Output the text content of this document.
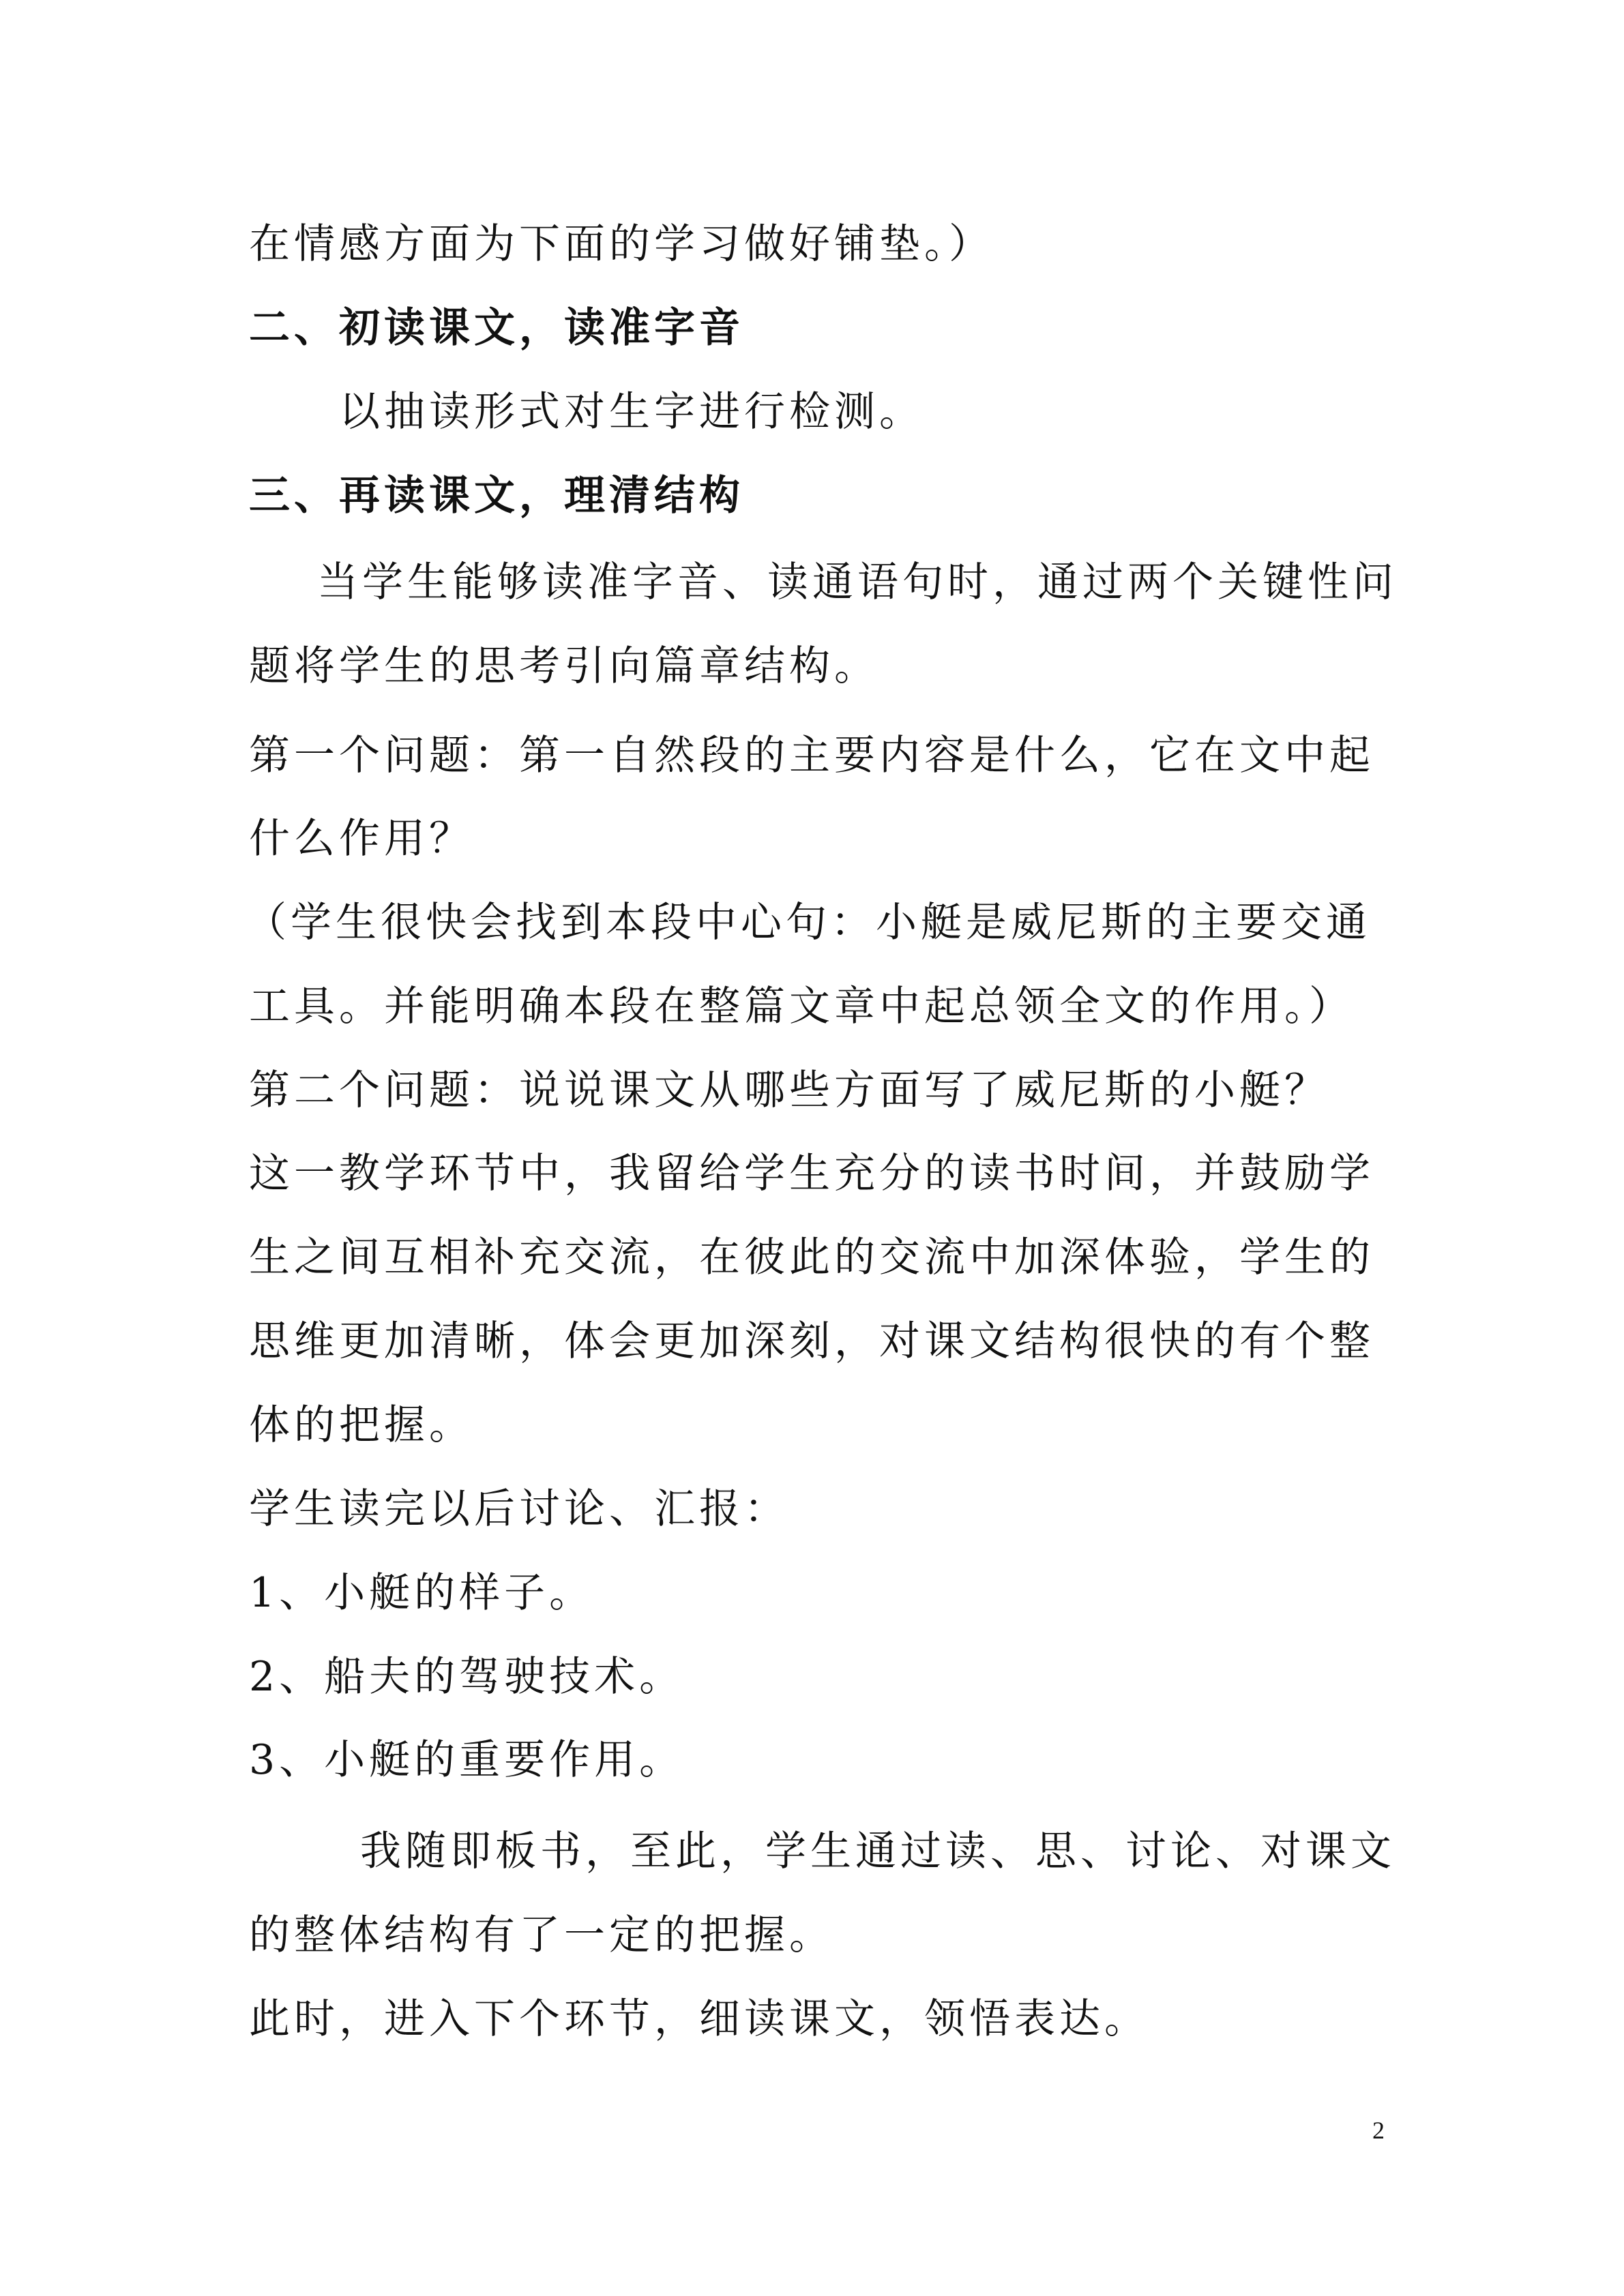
在情感方面为下面的学习做好铺垫。）
二、初读课文，读准字音
以抽读形式对生字进行检测。
三、再读课文，理清结构
当学生能够读准字音、读通语句时，通过两个关键性问
题将学生的思考引向篇章结构。
第一个问题：第一自然段的主要内容是什么，它在文中起
什么作用？
（学生很快会找到本段中心句：小艇是威尼斯的主要交通
工具。并能明确本段在整篇文章中起总领全文的作用。）
第二个问题：说说课文从哪些方面写了威尼斯的小艇？
这一教学环节中，我留给学生充分的读书时间，并鼓励学
生之间互相补充交流，在彼此的交流中加深体验，学生的
思维更加清晰，体会更加深刻，对课文结构很快的有个整
体的把握。
学生读完以后讨论、汇报：
1、小艇的样子。
2、船夫的驾驶技术。
3、小艇的重要作用。
我随即板书，至此，学生通过读、思、讨论、对课文
的整体结构有了一定的把握。
此时，进入下个环节，细读课文，领悟表达。
2
